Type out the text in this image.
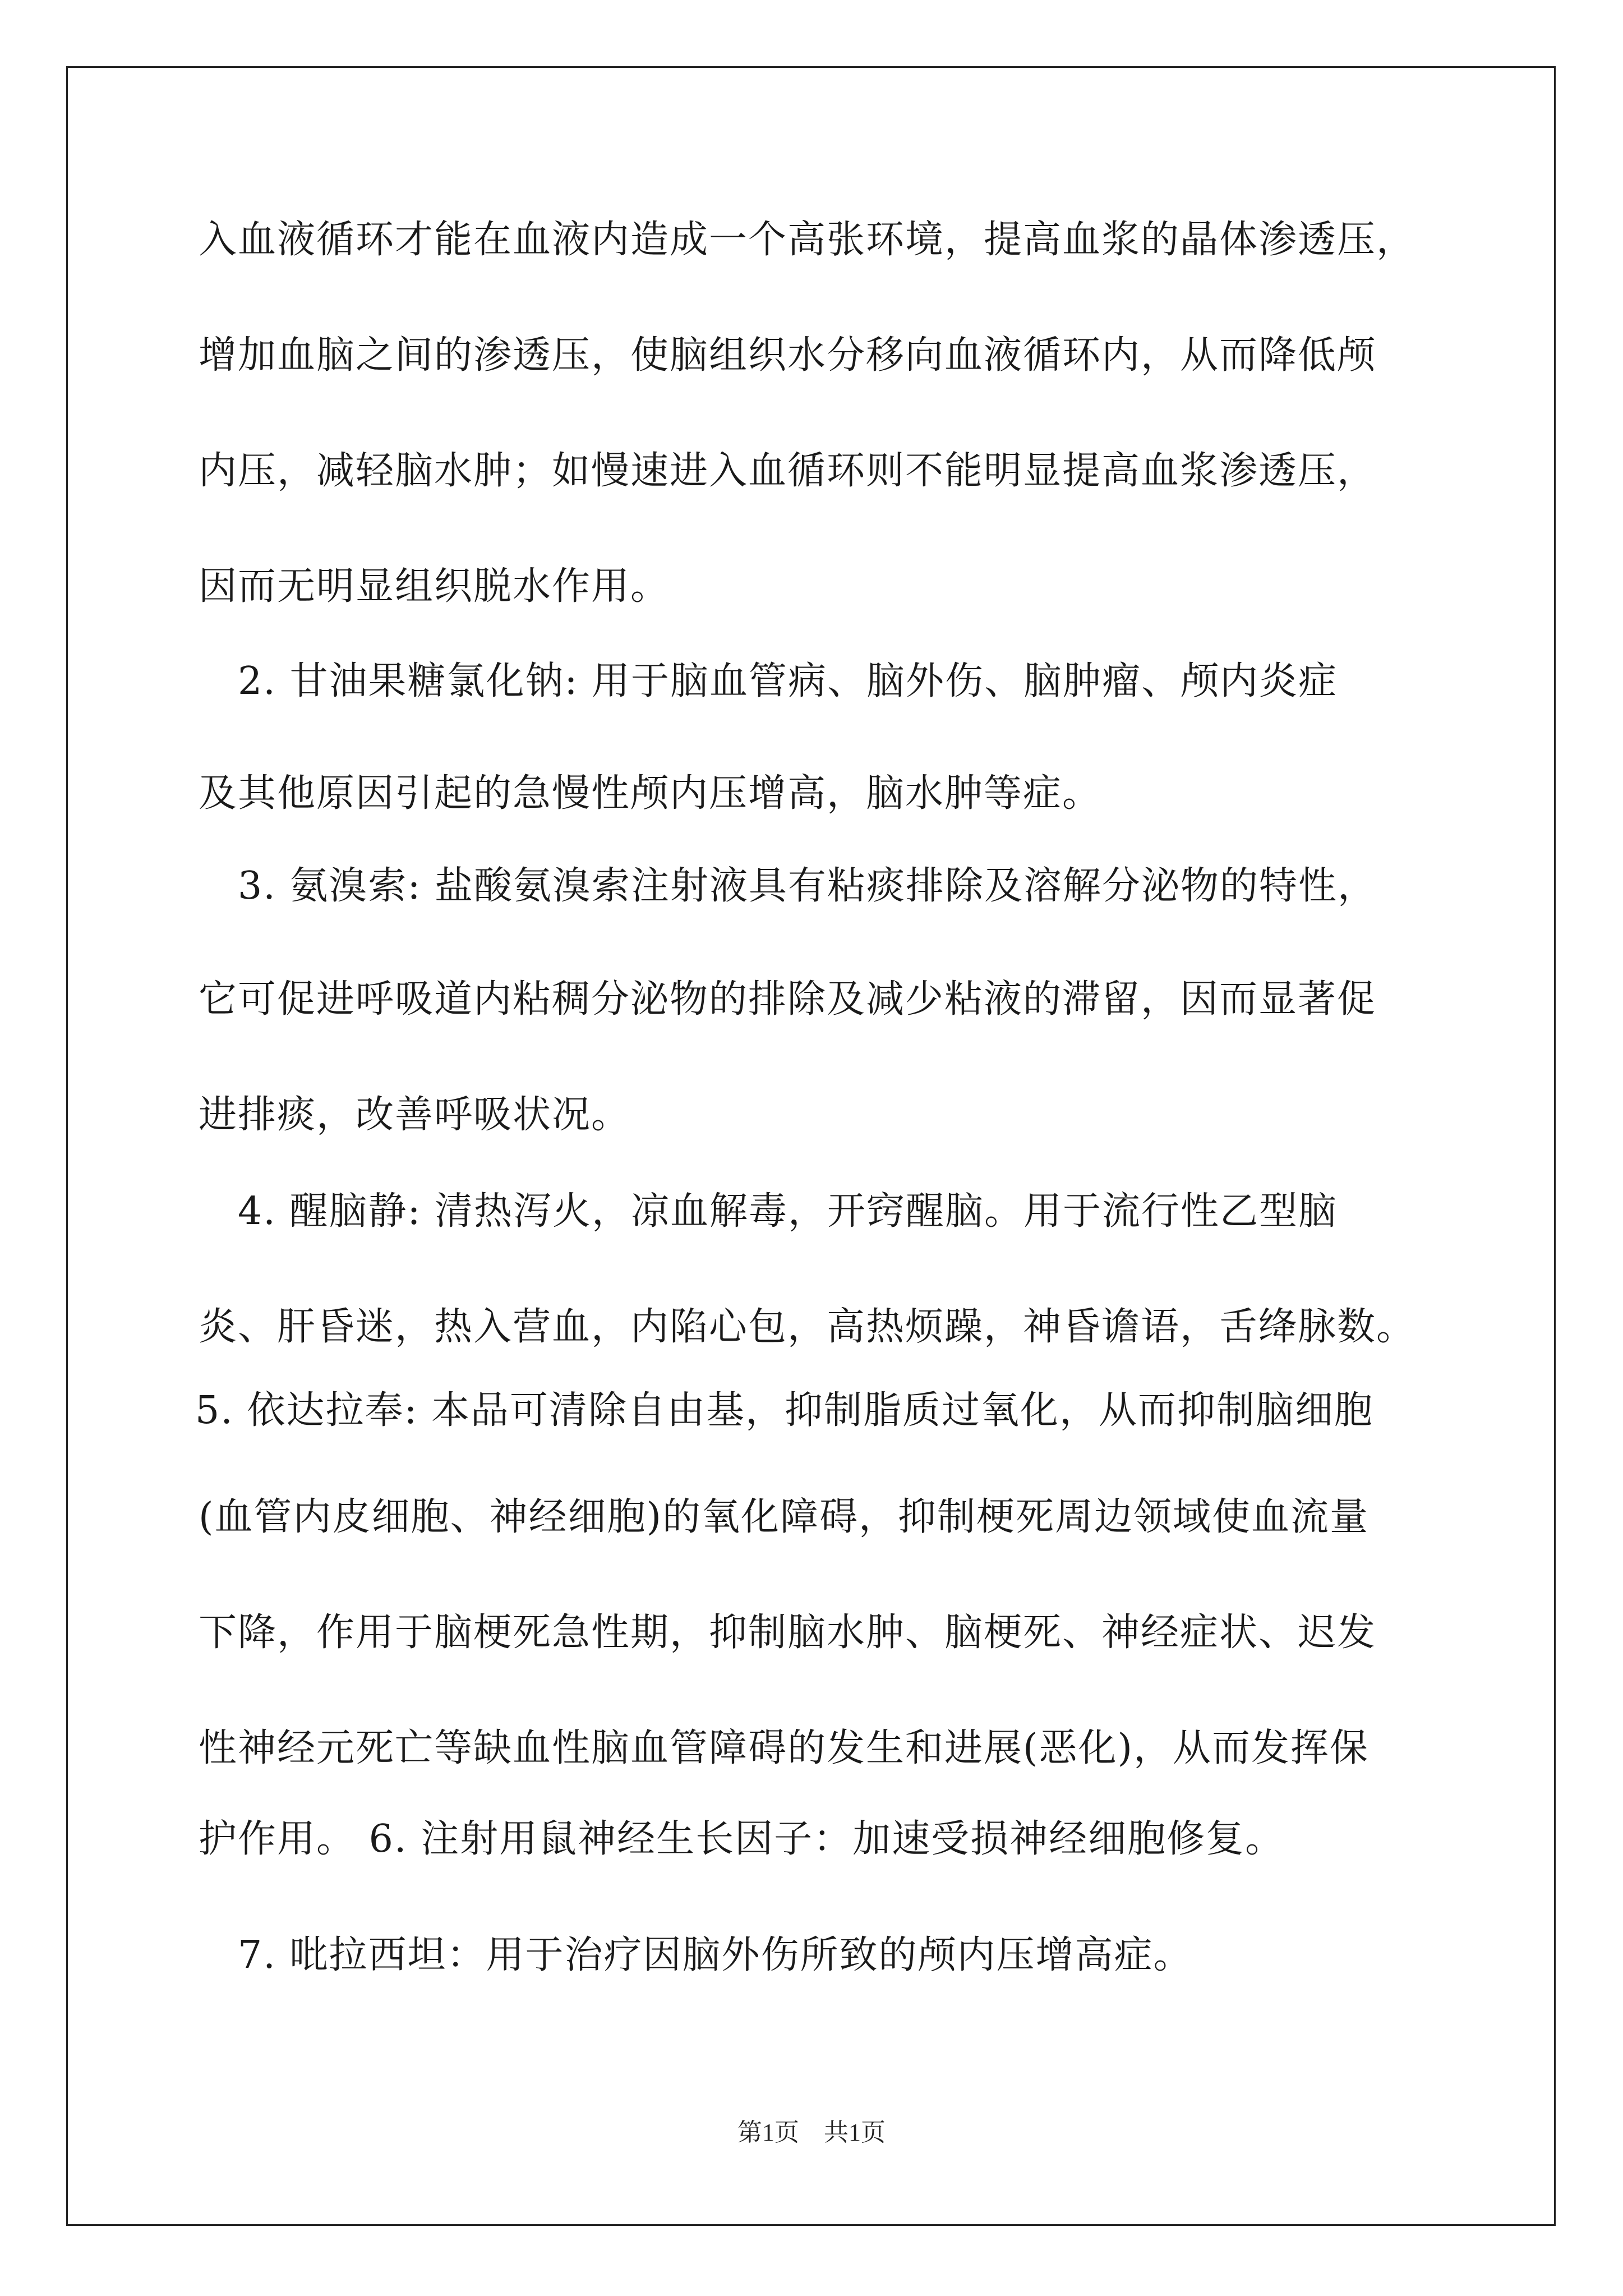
入血液循环才能在血液内造成一个高张环境，提高血浆的晶体渗透压，
增加血脑之间的渗透压，使脑组织水分移向血液循环内，从而降低颅
内压，减轻脑水肿；如慢速进入血循环则不能明显提高血浆渗透压，
因而无明显组织脱水作用。
　2. 甘油果糖氯化钠: 用于脑血管病、脑外伤、脑肿瘤、颅内炎症
及其他原因引起的急慢性颅内压增高，脑水肿等症。
　3. 氨溴索: 盐酸氨溴索注射液具有粘痰排除及溶解分泌物的特性，
它可促进呼吸道内粘稠分泌物的排除及减少粘液的滞留，因而显著促
进排痰，改善呼吸状况。
　4. 醒脑静: 清热泻火，凉血解毒，开窍醒脑。用于流行性乙型脑
炎、肝昏迷，热入营血，内陷心包，高热烦躁，神昏谵语，舌绛脉数。
5. 依达拉奉: 本品可清除自由基，抑制脂质过氧化，从而抑制脑细胞
(血管内皮细胞、神经细胞)的氧化障碍，抑制梗死周边领域使血流量
下降，作用于脑梗死急性期，抑制脑水肿、脑梗死、神经症状、迟发
性神经元死亡等缺血性脑血管障碍的发生和进展(恶化)，从而发挥保
护作用。 6. 注射用鼠神经生长因子：加速受损神经细胞修复。
　7. 吡拉西坦：用于治疗因脑外伤所致的颅内压增高症。
第1页　共1页
